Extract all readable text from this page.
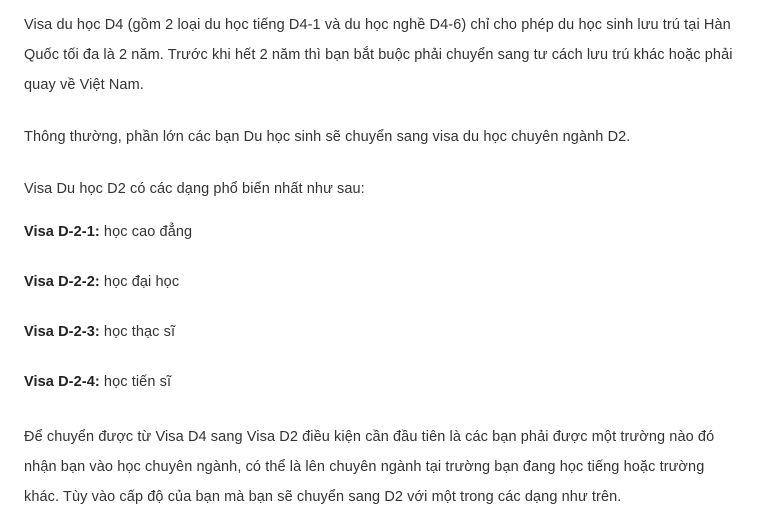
Visa du học D4 (gồm 2 loại du học tiếng D4-1 và du học nghề D4-6) chỉ cho phép du học sinh lưu trú tại Hàn Quốc tối đa là 2 năm. Trước khi hết 2 năm thì bạn bắt buộc phải chuyển sang tư cách lưu trú khác hoặc phải quay về Việt Nam.

Thông thường, phần lớn các bạn Du học sinh sẽ chuyển sang visa du học chuyên ngành D2.

Visa Du học D2 có các dạng phổ biến nhất như sau:

Visa D-2-1: học cao đẳng

Visa D-2-2: học đại học

Visa D-2-3: học thạc sĩ

Visa D-2-4: học tiến sĩ

Để chuyển được từ Visa D4 sang Visa D2 điều kiện cần đầu tiên là các bạn phải được một trường nào đó nhận bạn vào học chuyên ngành, có thể là lên chuyên ngành tại trường bạn đang học tiếng hoặc trường khác. Tùy vào cấp độ của bạn mà bạn sẽ chuyển sang D2 với một trong các dạng như trên.
